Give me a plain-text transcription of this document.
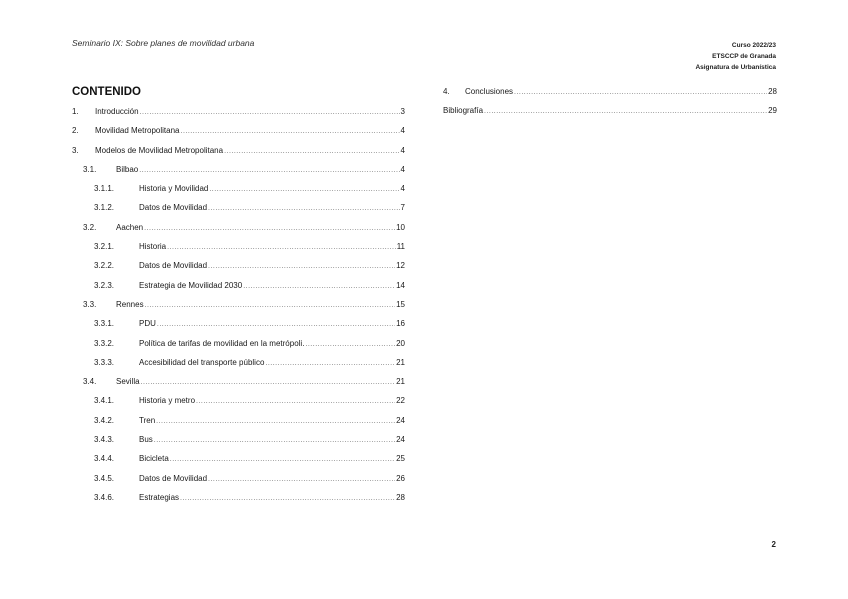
Seminario IX: Sobre planes de movilidad urbana	Curso 2022/23
ETSCCP de Granada
Asignatura de Urbanística
CONTENIDO
1.	Introducción .....	3
2.	Movilidad Metropolitana .....	4
3.	Modelos de Movilidad Metropolitana .....	4
3.1.	Bilbao .....	4
3.1.1.	Historia y Movilidad .....	4
3.1.2.	Datos de Movilidad .....	7
3.2.	Aachen .....	10
3.2.1.	Historia .....	11
3.2.2.	Datos de Movilidad .....	12
3.2.3.	Estrategia de Movilidad 2030 .....	14
3.3.	Rennes .....	15
3.3.1.	PDU .....	16
3.3.2.	Política de tarifas de movilidad en la metrópoli. .....	20
3.3.3.	Accesibilidad del transporte público .....	21
3.4.	Sevilla .....	21
3.4.1.	Historia y metro .....	22
3.4.2.	Tren .....	24
3.4.3.	Bus .....	24
3.4.4.	Bicicleta .....	25
3.4.5.	Datos de Movilidad .....	26
3.4.6.	Estrategias .....	28
4.	Conclusiones .....	28
Bibliografía .....	29
2
